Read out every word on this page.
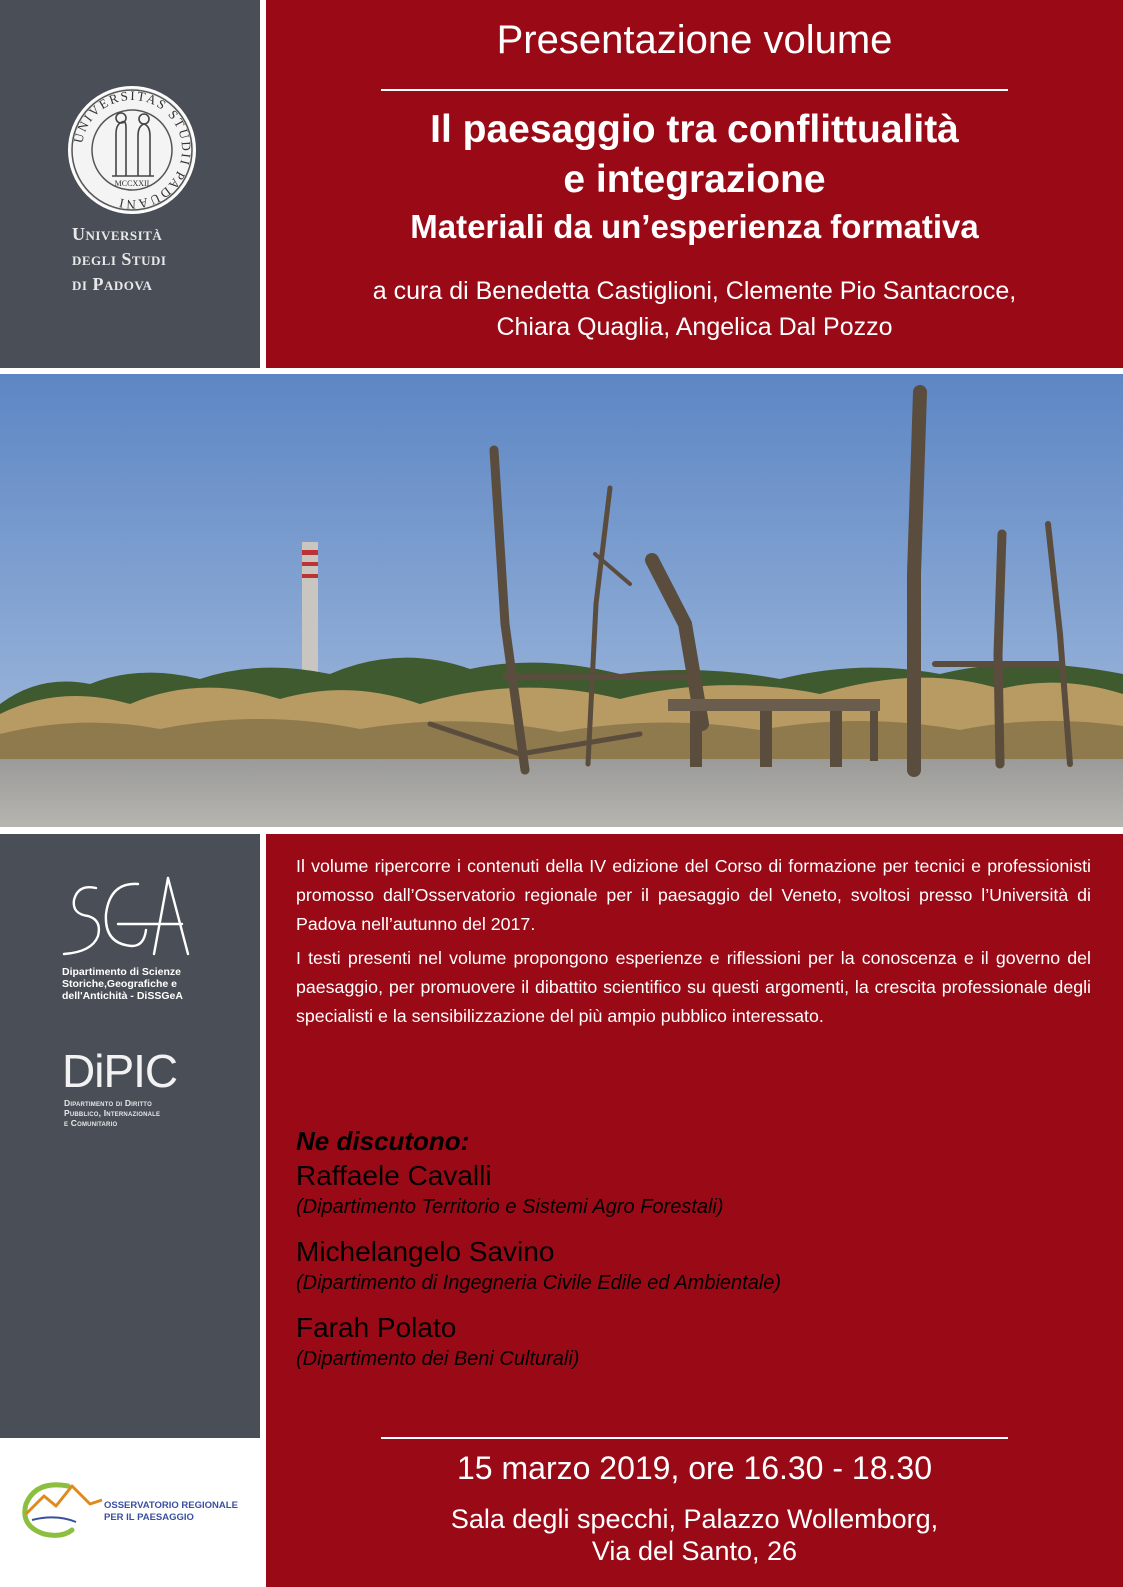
UNIVERSITAS STUDII PADUANI
MCCXXII
Università
degli Studi
di Padova
Presentazione volume
Il paesaggio tra conflittualità
e integrazione
Materiali da un’esperienza formativa
a cura di Benedetta Castiglioni, Clemente Pio Santacroce,
Chiara Quaglia, Angelica Dal Pozzo
Dipartimento di Scienze
Storiche,Geografiche e
dell'Antichità - DiSSGeA
DiPIC
Dipartimento di Diritto
Pubblico, Internazionale
e Comunitario
OSSERVATORIO REGIONALE
PER IL PAESAGGIO
Il volume ripercorre i contenuti della IV edizione del Corso di formazione per tecnici e professionisti promosso dall’Osservatorio regionale per il paesaggio del Veneto, svoltosi presso l’Università di Padova nell’autunno del 2017.
I testi presenti nel volume propongono esperienze e riflessioni per la conoscenza e il governo del paesaggio, per promuovere il dibattito scientifico su questi argomenti, la crescita professionale degli specialisti e la sensibilizzazione del più ampio pubblico interessato.
Ne discutono:
Raffaele Cavalli
(Dipartimento Territorio e Sistemi Agro Forestali)
Michelangelo Savino
(Dipartimento di Ingegneria Civile Edile ed Ambientale)
Farah Polato
(Dipartimento dei Beni Culturali)
15 marzo 2019, ore 16.30 - 18.30
Sala degli specchi, Palazzo Wollemborg,
Via del Santo, 26
